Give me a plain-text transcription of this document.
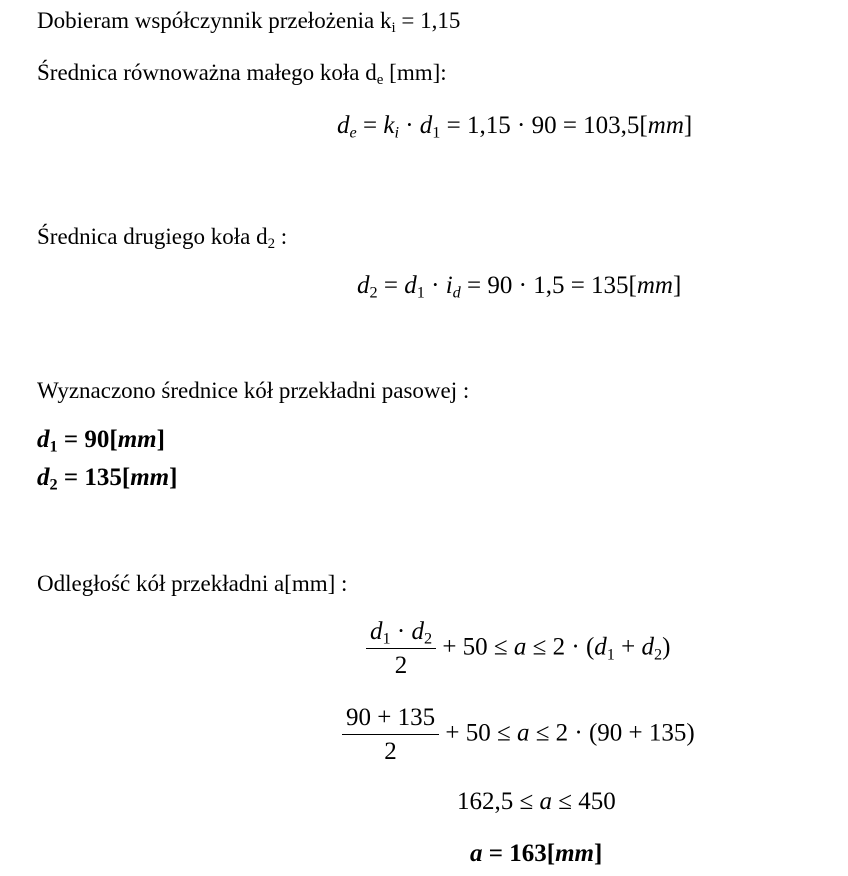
Dobieram współczynnik przełożenia $k_i = 1,15$
Średnica równoważna małego koła $d_e$ [mm]:
$d_e = k_i \cdot d_1 = 1,15 \cdot 90 = 103,5[mm]$
Średnica drugiego koła $d_2$ :
$d_2 = d_1 \cdot i_d = 90 \cdot 1,5 = 135[mm]$
Wyznaczono średnice kół przekładni pasowej :
$d_1 = 90[mm]$
$d_2 = 135[mm]$
Odległość kół przekładni a[mm] :
$\frac{d_1 \cdot d_2}{2} + 50 \le a \le 2 \cdot (d_1 + d_2)$
$\frac{90 + 135}{2} + 50 \le a \le 2 \cdot (90 + 135)$
162,5 ≤ a ≤ 450
a = 163[mm]
